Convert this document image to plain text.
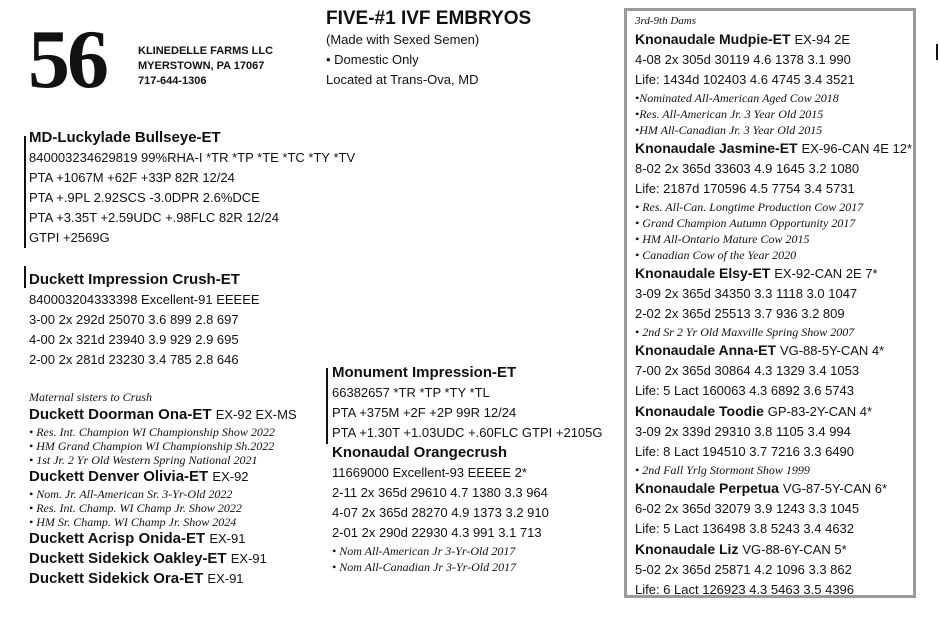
56	KLINEDELLE FARMS LLC
MYERSTOWN, PA 17067
717-644-1306
FIVE-#1 IVF EMBRYOS
(Made with Sexed Semen)
• Domestic Only
Located at Trans-Ova, MD
MD-Luckylade Bullseye-ET
840003234629819 99%RHA-I *TR *TP *TE *TC *TY *TV
PTA +1067M +62F +33P 82R 12/24
PTA +.9PL 2.92SCS -3.0DPR 2.6%DCE
PTA +3.35T +2.59UDC +.98FLC 82R 12/24
GTPI +2569G
Duckett Impression Crush-ET
840003204333398 Excellent-91 EEEEE
3-00 2x 292d 25070 3.6 899 2.8 697
4-00 2x 321d 23940 3.9 929 2.9 695
2-00 2x 281d 23230 3.4 785 2.8 646
Maternal sisters to Crush
Duckett Doorman Ona-ET EX-92 EX-MS
• Res. Int. Champion WI Championship Show 2022
• HM Grand Champion WI Championship Sh.2022
• 1st Jr. 2 Yr Old Western Spring National 2021
Duckett Denver Olivia-ET EX-92
• Nom. Jr. All-American Sr. 3-Yr-Old 2022
• Res. Int. Champ. WI Champ Jr. Show 2022
• HM Sr. Champ. WI Champ Jr. Show 2024
Duckett Acrisp Onida-ET EX-91
Duckett Sidekick Oakley-ET EX-91
Duckett Sidekick Ora-ET EX-91
Monument Impression-ET
66382657 *TR *TP *TY *TL
PTA +375M +2F +2P 99R 12/24
PTA +1.30T +1.03UDC +.60FLC GTPI +2105G
Knonaudal Orangecrush
11669000 Excellent-93 EEEEE 2*
2-11 2x 365d 29610 4.7 1380 3.3 964
4-07 2x 365d 28270 4.9 1373 3.2 910
2-01 2x 290d 22930 4.3 991 3.1 713
• Nom All-American Jr 3-Yr-Old 2017
• Nom All-Canadian Jr 3-Yr-Old 2017
3rd-9th Dams
Knonaudale Mudpie-ET EX-94 2E
4-08 2x 305d 30119 4.6 1378 3.1 990
Life: 1434d 102403 4.6 4745 3.4 3521
•Nominated All-American Aged Cow 2018
•Res. All-American Jr. 3 Year Old 2015
•HM All-Canadian Jr. 3 Year Old 2015
Knonaudale Jasmine-ET EX-96-CAN 4E 12*
8-02 2x 365d 33603 4.9 1645 3.2 1080
Life: 2187d 170596 4.5 7754 3.4 5731
• Res. All-Can. Longtime Production Cow 2017
• Grand Champion Autumn Opportunity 2017
• HM All-Ontario Mature Cow 2015
• Canadian Cow of the Year 2020
Knonaudale Elsy-ET EX-92-CAN 2E 7*
3-09 2x 365d 34350 3.3 1118 3.0 1047
2-02 2x 365d 25513 3.7 936 3.2 809
• 2nd Sr 2 Yr Old Maxville Spring Show 2007
Knonaudale Anna-ET VG-88-5Y-CAN 4*
7-00 2x 365d 30864 4.3 1329 3.4 1053
Life: 5 Lact 160063 4.3 6892 3.6 5743
Knonaudale Toodie GP-83-2Y-CAN 4*
3-09 2x 339d 29310 3.8 1105 3.4 994
Life: 8 Lact 194510 3.7 7216 3.3 6490
• 2nd Fall Yrlg Stormont Show 1999
Knonaudale Perpetua VG-87-5Y-CAN 6*
6-02 2x 365d 32079 3.9 1243 3.3 1045
Life: 5 Lact 136498 3.8 5243 3.4 4632
Knonaudale Liz VG-88-6Y-CAN 5*
5-02 2x 365d 25871 4.2 1096 3.3 862
Life: 6 Lact 126923 4.3 5463 3.5 4396
